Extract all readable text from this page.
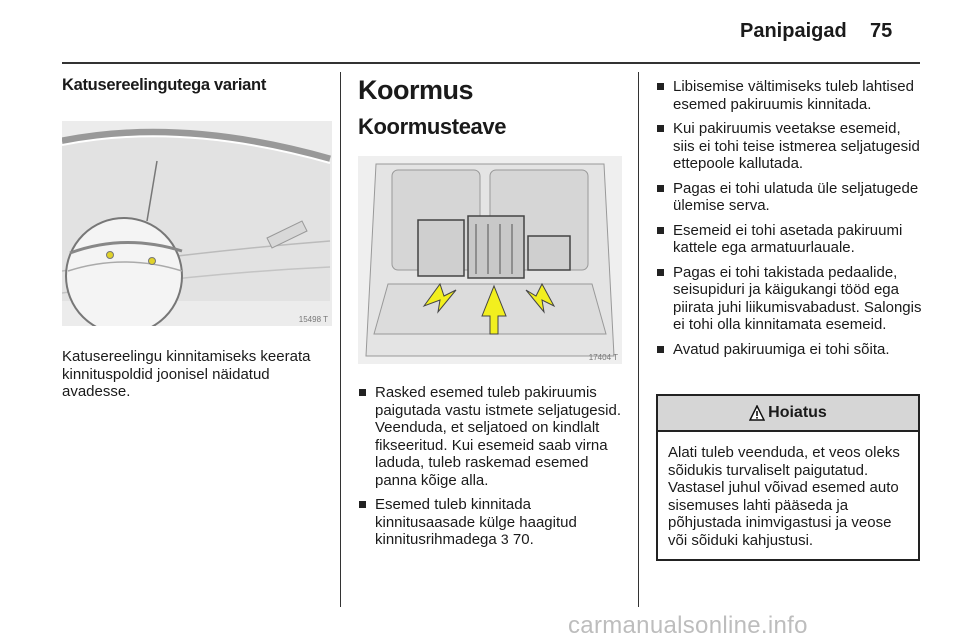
Panipaigad 75
Katusereelingutega variant
15498 T

Katusereelingu kinnitamiseks keerata kinnituspoldid joonisel näidatud avadesse.

Koormus
Koormusteave
17404 T
Rasked esemed tuleb pakiruumis paigutada vastu istmete seljatugesid. Veenduda, et seljatoed on kindlalt fikseeritud. Kui esemeid saab virna laduda, tuleb raskemad esemed panna kõige alla.
Esemed tuleb kinnitada kinnitusaasade külge haagitud kinnitusrihmadega 3 70.
Libisemise vältimiseks tuleb lahtised esemed pakiruumis kinnitada.
Kui pakiruumis veetakse esemeid, siis ei tohi teise istmerea seljatugesid ettepoole kallutada.
Pagas ei tohi ulatuda üle seljatugede ülemise serva.
Esemeid ei tohi asetada pakiruumi kattele ega armatuurlauale.
Pagas ei tohi takistada pedaalide, seisupiduri ja käigukangi tööd ega piirata juhi liikumisvabadust. Salongis ei tohi olla kinnitamata esemeid.
Avatud pakiruumiga ei tohi sõita.
Hoiatus
Alati tuleb veenduda, et veos oleks sõidukis turvaliselt paigutatud. Vastasel juhul võivad esemed auto sisemuses lahti pääseda ja põhjustada inimvigastusi ja veose või sõiduki kahjustusi.
carmanualsonline.info
